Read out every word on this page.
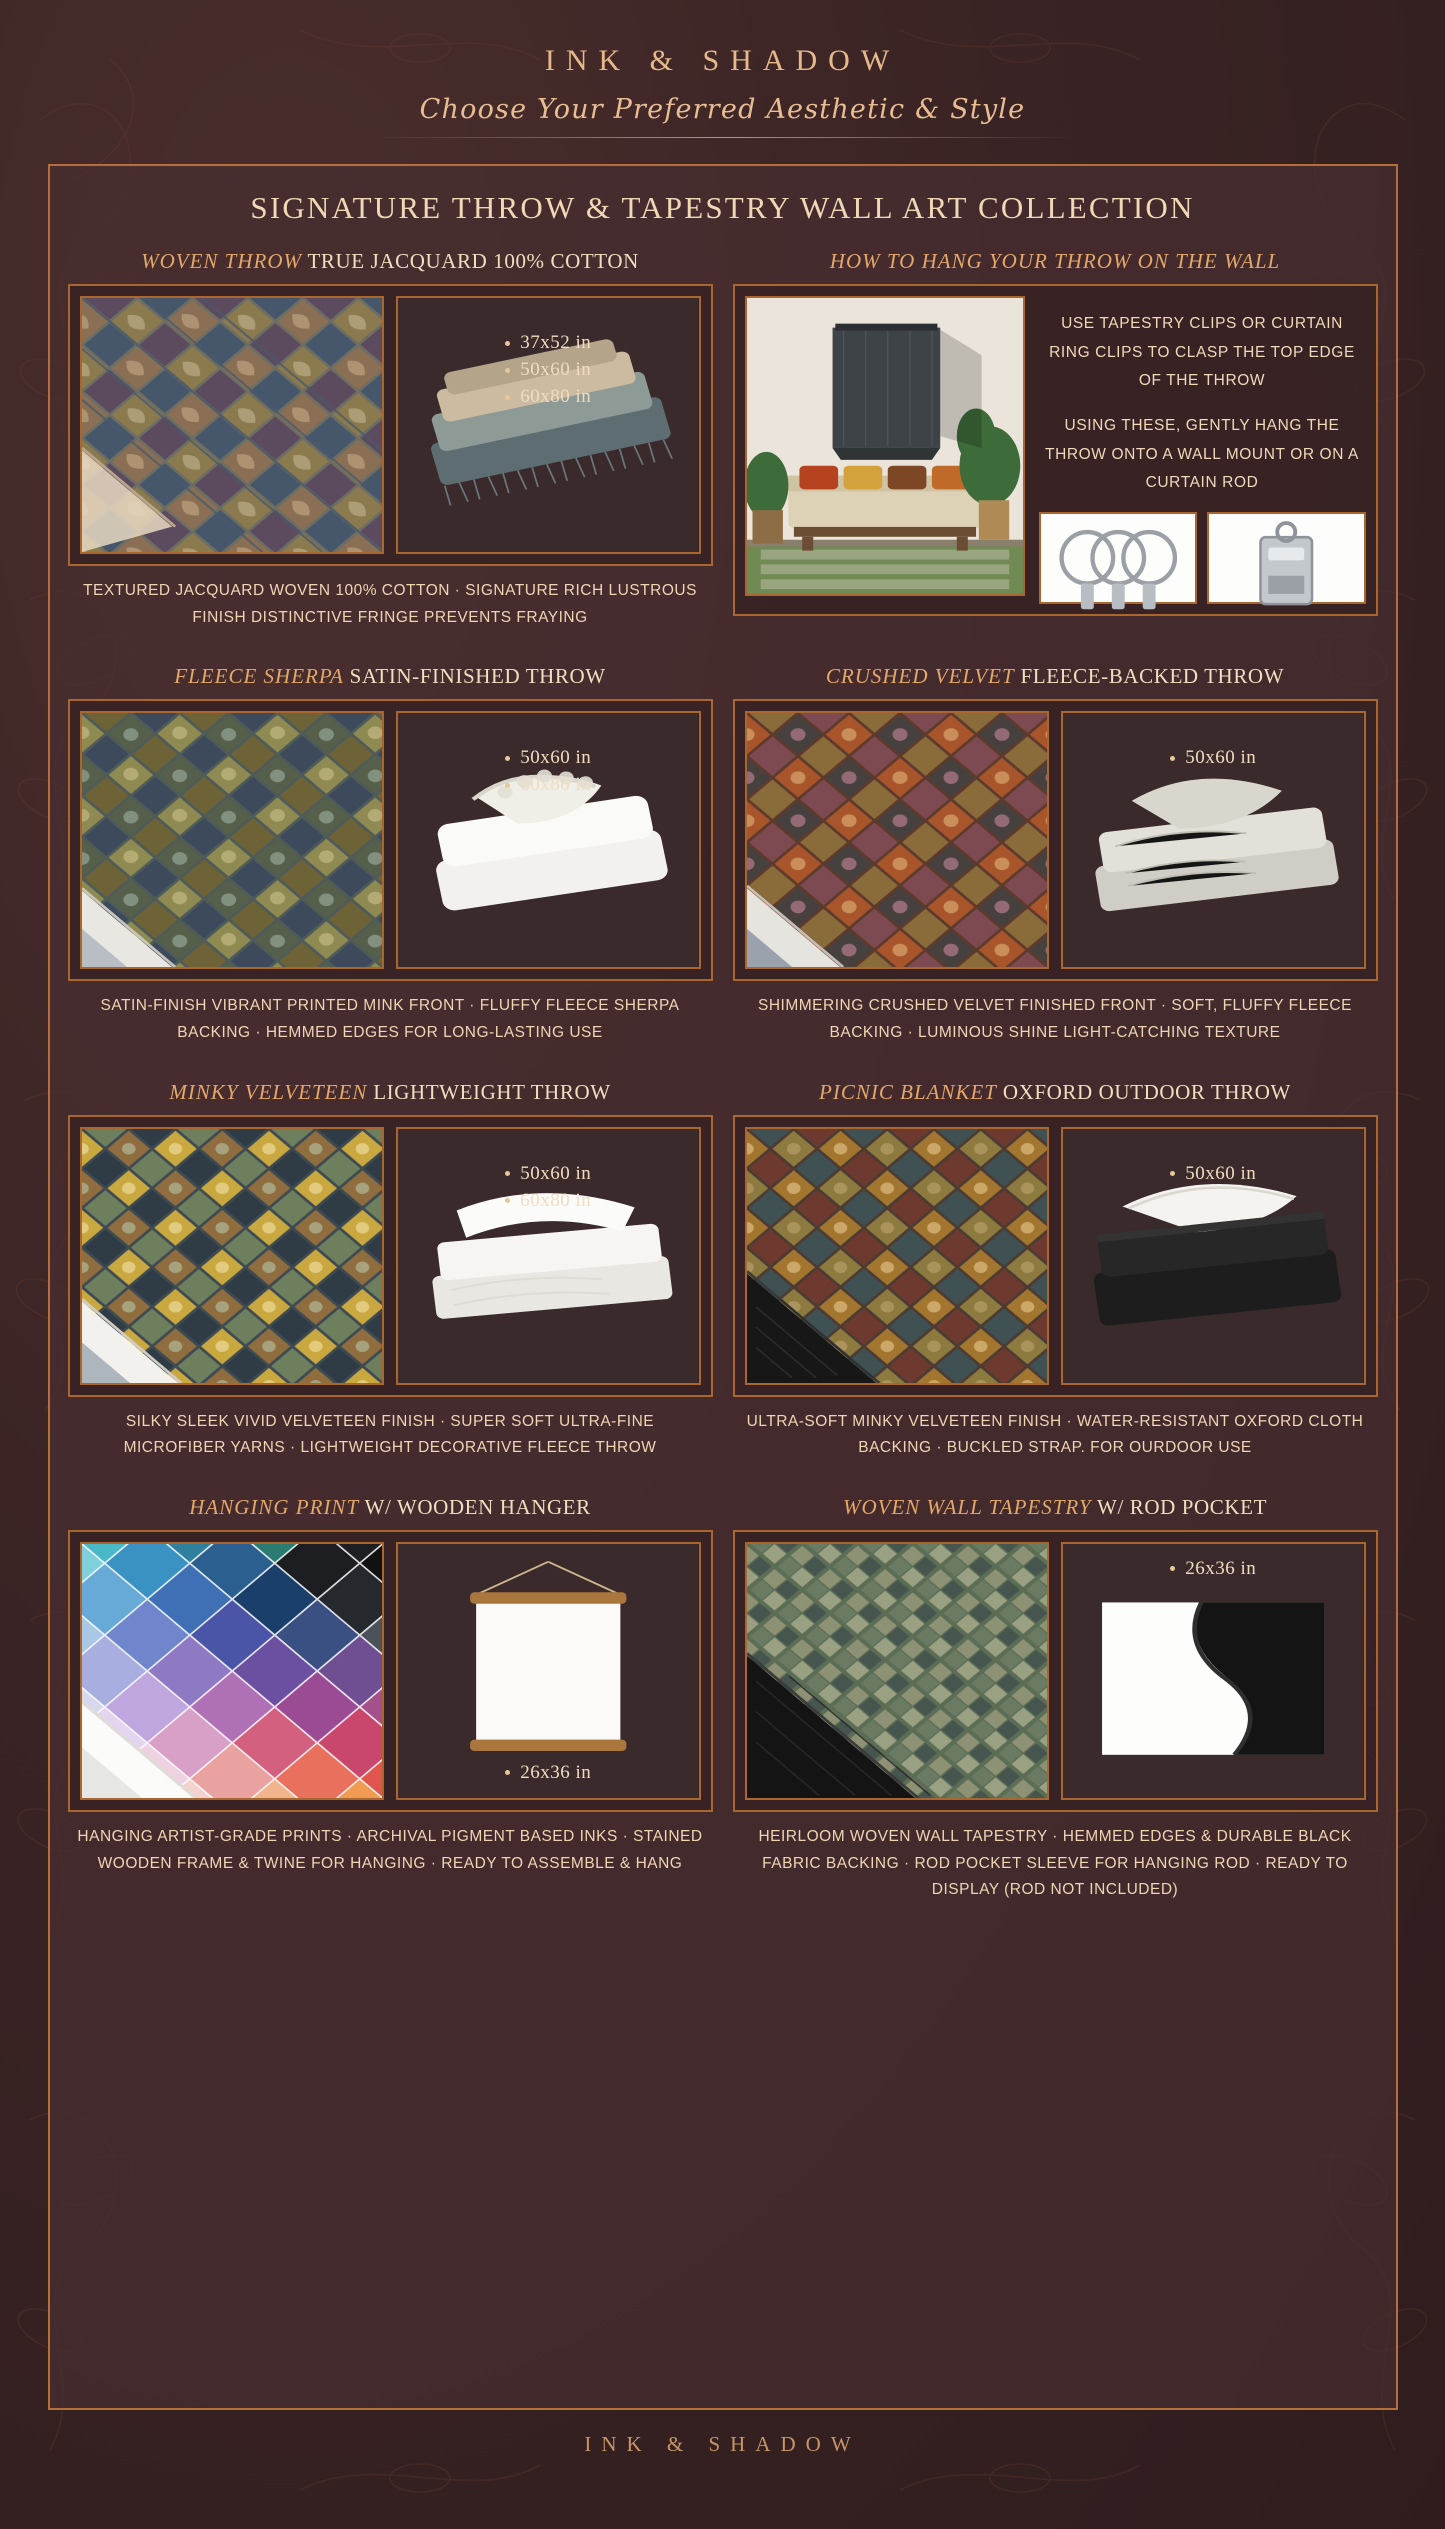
INK & SHADOW
Choose Your Preferred Aesthetic & Style
SIGNATURE THROW & TAPESTRY WALL ART COLLECTION
WOVEN THROW TRUE JACQUARD 100% COTTON
37x52 in
50x60 in
60x80 in
TEXTURED JACQUARD WOVEN 100% COTTON · SIGNATURE RICH LUSTROUS FINISH DISTINCTIVE FRINGE PREVENTS FRAYING
HOW TO HANG YOUR THROW ON THE WALL

USE TAPESTRY CLIPS OR CURTAIN RING CLIPS TO CLASP THE TOP EDGE OF THE THROW

USING THESE, GENTLY HANG THE THROW ONTO A WALL MOUNT OR ON A CURTAIN ROD

FLEECE SHERPA SATIN-FINISHED THROW
50x60 in
60x80 in
SATIN-FINISH VIBRANT PRINTED MINK FRONT · FLUFFY FLEECE SHERPA BACKING · HEMMED EDGES FOR LONG-LASTING USE
CRUSHED VELVET FLEECE-BACKED THROW
50x60 in
SHIMMERING CRUSHED VELVET FINISHED FRONT · SOFT, FLUFFY FLEECE BACKING · LUMINOUS SHINE LIGHT-CATCHING TEXTURE
MINKY VELVETEEN LIGHTWEIGHT THROW
50x60 in
60x80 in
SILKY SLEEK VIVID VELVETEEN FINISH · SUPER SOFT ULTRA-FINE MICROFIBER YARNS · LIGHTWEIGHT DECORATIVE FLEECE THROW
PICNIC BLANKET OXFORD OUTDOOR THROW
50x60 in
ULTRA-SOFT MINKY VELVETEEN FINISH · WATER-RESISTANT OXFORD CLOTH BACKING · BUCKLED STRAP. FOR OURDOOR USE
HANGING PRINT W/ WOODEN HANGER
26x36 in
HANGING ARTIST-GRADE PRINTS · ARCHIVAL PIGMENT BASED INKS · STAINED WOODEN FRAME & TWINE FOR HANGING · READY TO ASSEMBLE & HANG
WOVEN WALL TAPESTRY W/ ROD POCKET
26x36 in
HEIRLOOM WOVEN WALL TAPESTRY · HEMMED EDGES & DURABLE BLACK FABRIC BACKING · ROD POCKET SLEEVE FOR HANGING ROD · READY TO DISPLAY (ROD NOT INCLUDED)
INK & SHADOW
